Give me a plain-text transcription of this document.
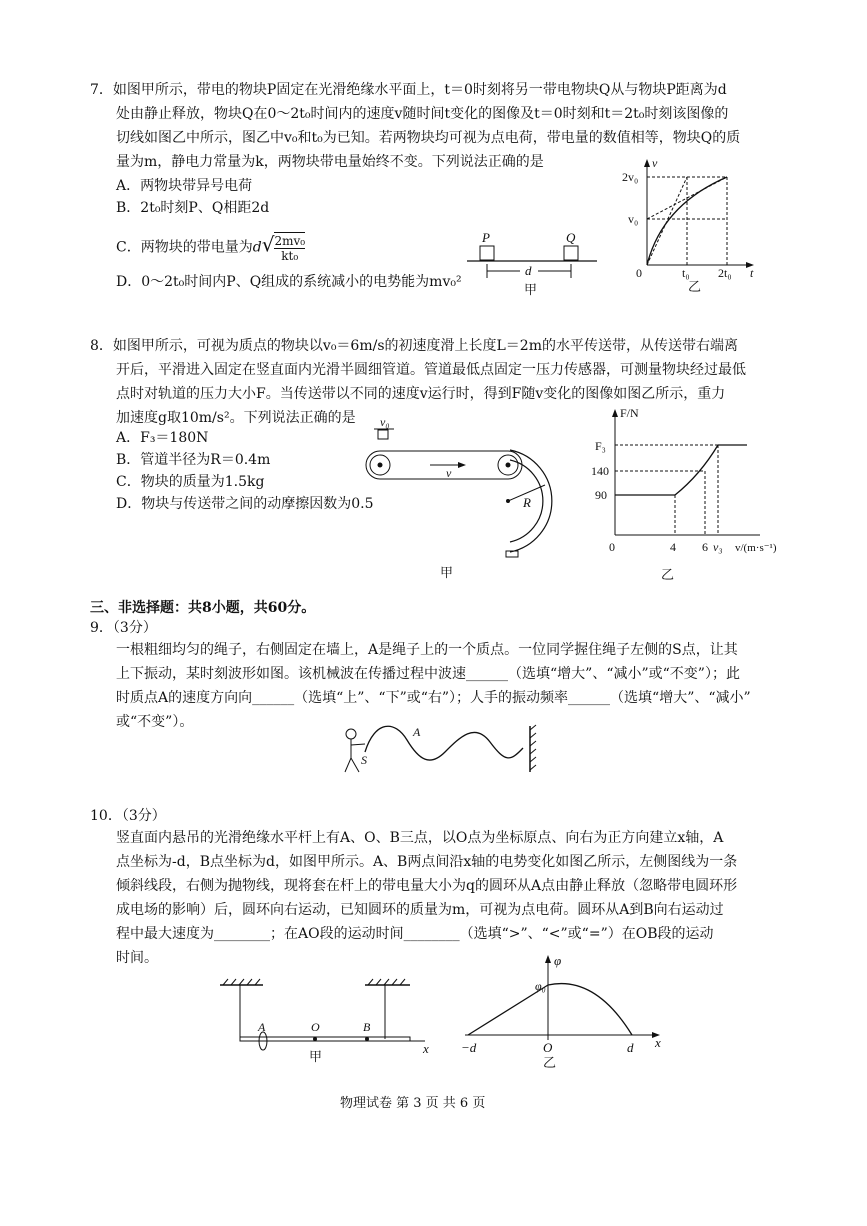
7．如图甲所示，带电的物块P固定在光滑绝缘水平面上，t＝0时刻将另一带电物块Q从与物块P距离为d
处由静止释放，物块Q在0～2t₀时间内的速度v随时间t变化的图像及t＝0时刻和t＝2t₀时刻该图像的
切线如图乙中所示，图乙中v₀和t₀为已知。若两物块均可视为点电荷，带电量的数值相等，物块Q的质
量为m，静电力常量为k，两物块带电量始终不变。下列说法正确的是
A．两物块带异号电荷
B．2t₀时刻P、Q相距2d
C．两物块的带电量为$d√ \frac{\text{2mv₀}}{\text{kt₀}}$
D．0～2t₀时间内P、Q组成的系统减小的电势能为mv₀²
P	Q
d
甲
v
t
2v₀
v₀
0	t₀ 2t₀
乙
8．如图甲所示，可视为质点的物块以v₀＝6m/s的初速度滑上长度L＝2m的水平传送带，从传送带右端离
开后，平滑进入固定在竖直面内光滑半圆细管道。管道最低点固定一压力传感器，可测量物块经过最低
点时对轨道的压力大小F。当传送带以不同的速度v运行时，得到F随v变化的图像如图乙所示，重力
加速度g取10m/s²。下列说法正确的是
A．F₃＝180N
B．管道半径为R＝0.4m
C．物块的质量为1.5kg
D．物块与传送带之间的动摩擦因数为0.5
v₀
v
R
甲
F/N
F₃
140
90
0	4 6 v₃ v/(m·s⁻¹)
乙
三、非选择题：共8小题，共60分。
9．（3分）
一根粗细均匀的绳子，右侧固定在墙上，A是绳子上的一个质点。一位同学握住绳子左侧的S点，让其
上下振动，某时刻波形如图。该机械波在传播过程中波速______（选填“增大”、“减小”或“不变”）；此
时质点A的速度方向向______（选填“上”、“下”或“右”）；人手的振动频率______（选填“增大”、“减小”
或“不变”）。
S
A
10．（3分）
竖直面内悬吊的光滑绝缘水平杆上有A、O、B三点，以O点为坐标原点、向右为正方向建立x轴，A
点坐标为-d，B点坐标为d，如图甲所示。A、B两点间沿x轴的电势变化如图乙所示，左侧图线为一条
倾斜线段，右侧为抛物线，现将套在杆上的带电量大小为q的圆环从A点由静止释放（忽略带电圆环形
成电场的影响）后，圆环向右运动，已知圆环的质量为m，可视为点电荷。圆环从A到B向右运动过
程中最大速度为________；在AO段的运动时间________（选填“>”、“<”或“=”）在OB段的运动
时间。
x
A	O	B
甲
φ
x
φ₀
−d	O	d
乙
物理试卷 第 3 页 共 6 页
